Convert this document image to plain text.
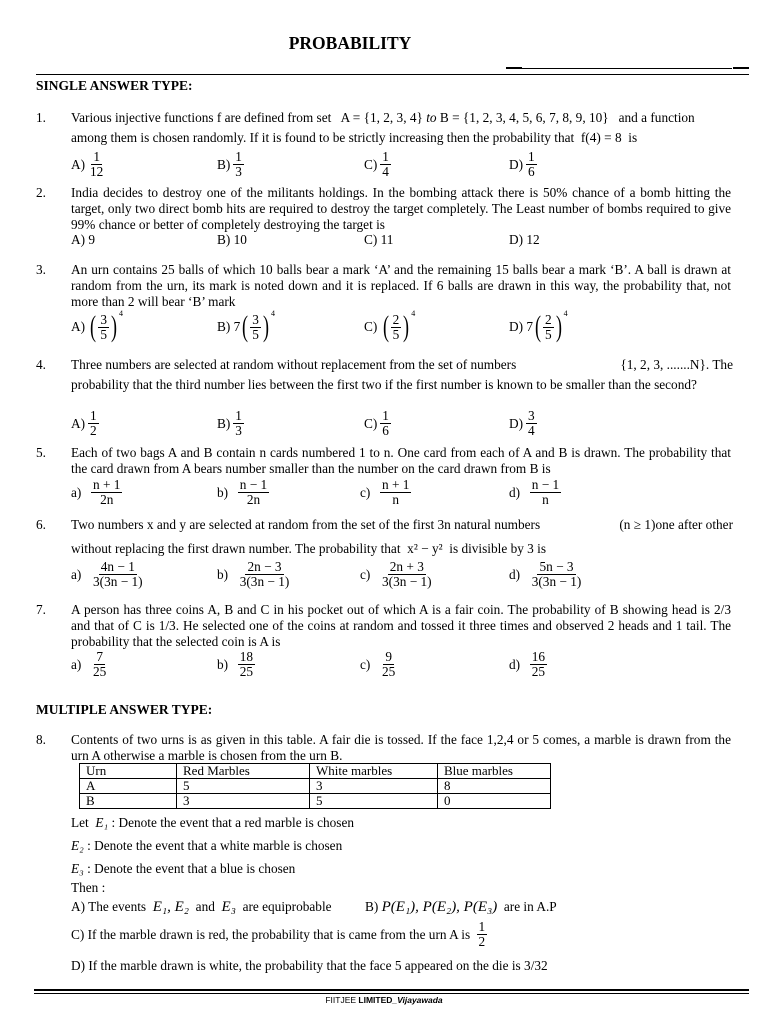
PROBABILITY
SINGLE ANSWER TYPE:
1. Various injective functions f are defined from set A = {1, 2, 3, 4} to B = {1, 2, 3, 4, 5, 6, 7, 8, 9, 10} and a function
among them is chosen randomly. If it is found to be strictly increasing then the probability that f(4) = 8 is
$A) \frac{1}{12}$	$B) \frac{1}{3}$	$C) \frac{1}{4}$	$D) \frac{1}{6}$
2. India decides to destroy one of the militants holdings. In the bombing attack there is 50% chance of a bomb hitting the target, only two direct bomb hits are required to destroy the target completely. The Least number of bombs required to give 99% chance or better of completely destroying the target is
A) 9	B) 10	C) 11	D) 12
3. An urn contains 25 balls of which 10 balls bear a mark ‘A’ and the remaining 15 balls bear a mark ‘B’. A ball is drawn at random from the urn, its mark is noted down and it is replaced. If 6 balls are drawn in this way, the probability that, not more than 2 will bear ‘B’ mark
A)
( $\frac{3}{5}$ ) 4
B)
7 ( $\frac{3}{5}$ ) 4
C)
( $\frac{2}{5}$ ) 4
D)
7 ( $\frac{2}{5}$ ) 4
4. Three numbers are selected at random without replacement from the set of numbers	{1, 2, 3, .......N}. The
probability that the third number lies between the first two if the first number is known to be smaller than the second?
$A) \frac{1}{2}$	$B) \frac{1}{3}$	$C) \frac{1}{6}$	$D) \frac{3}{4}$
5. Each of two bags A and B contain n cards numbered 1 to n. One card from each of A and B is drawn. The probability that the card drawn from A bears number smaller than the number on the card drawn from B is
a)
$\frac{n + 1}{2n}$	b)
$\frac{n - 1}{2n}$	c)
$\frac{n + 1}{n}$	d)
$\frac{n - 1}{n}$
6. Two numbers x and y are selected at random from the set of the first 3n natural numbers	(n ≥ 1)one after other
without replacing the first drawn number. The probability that x² − y² is divisible by 3 is
a)
$\frac{4n - 1}{3(3n - 1)}$	b)
$\frac{2n - 3}{3(3n - 1)}$	c)
$\frac{2n + 3}{3(3n - 1)}$	d)
$\frac{5n - 3}{3(3n - 1)}$
7. A person has three coins A, B and C in his pocket out of which A is a fair coin. The probability of B showing head is 2/3 and that of C is 1/3. He selected one of the coins at random and tossed it three times and observed 2 heads and 1 tail. The probability that the selected coin is A is
a)
$\frac{7}{25}$	b)
$\frac{18}{25}$	c)
$\frac{9}{25}$	d)
$\frac{16}{25}$
MULTIPLE ANSWER TYPE:
8. Contents of two urns is as given in this table. A fair die is tossed. If the face 1,2,4 or 5 comes, a marble is drawn from the urn A otherwise a marble is chosen from the urn B.
Urn	Red Marbles	White marbles	Blue marbles
A	5	3	8
B	3	5	0
Let E₁ : Denote the event that a red marble is chosen
E₂ : Denote the event that a white marble is chosen
E₃ : Denote the event that a blue is chosen
Then :
A) The events E₁, E₂ and E₃ are equiprobable	B) P(E₁), P(E₂), P(E₃) are in A.P
C) If the marble drawn is red, the probability that is came from the urn A is
$\frac{1}{2}$
D) If the marble drawn is white, the probability that the face 5 appeared on the die is 3/32
FIITJEE LIMITED_Vijayawada
